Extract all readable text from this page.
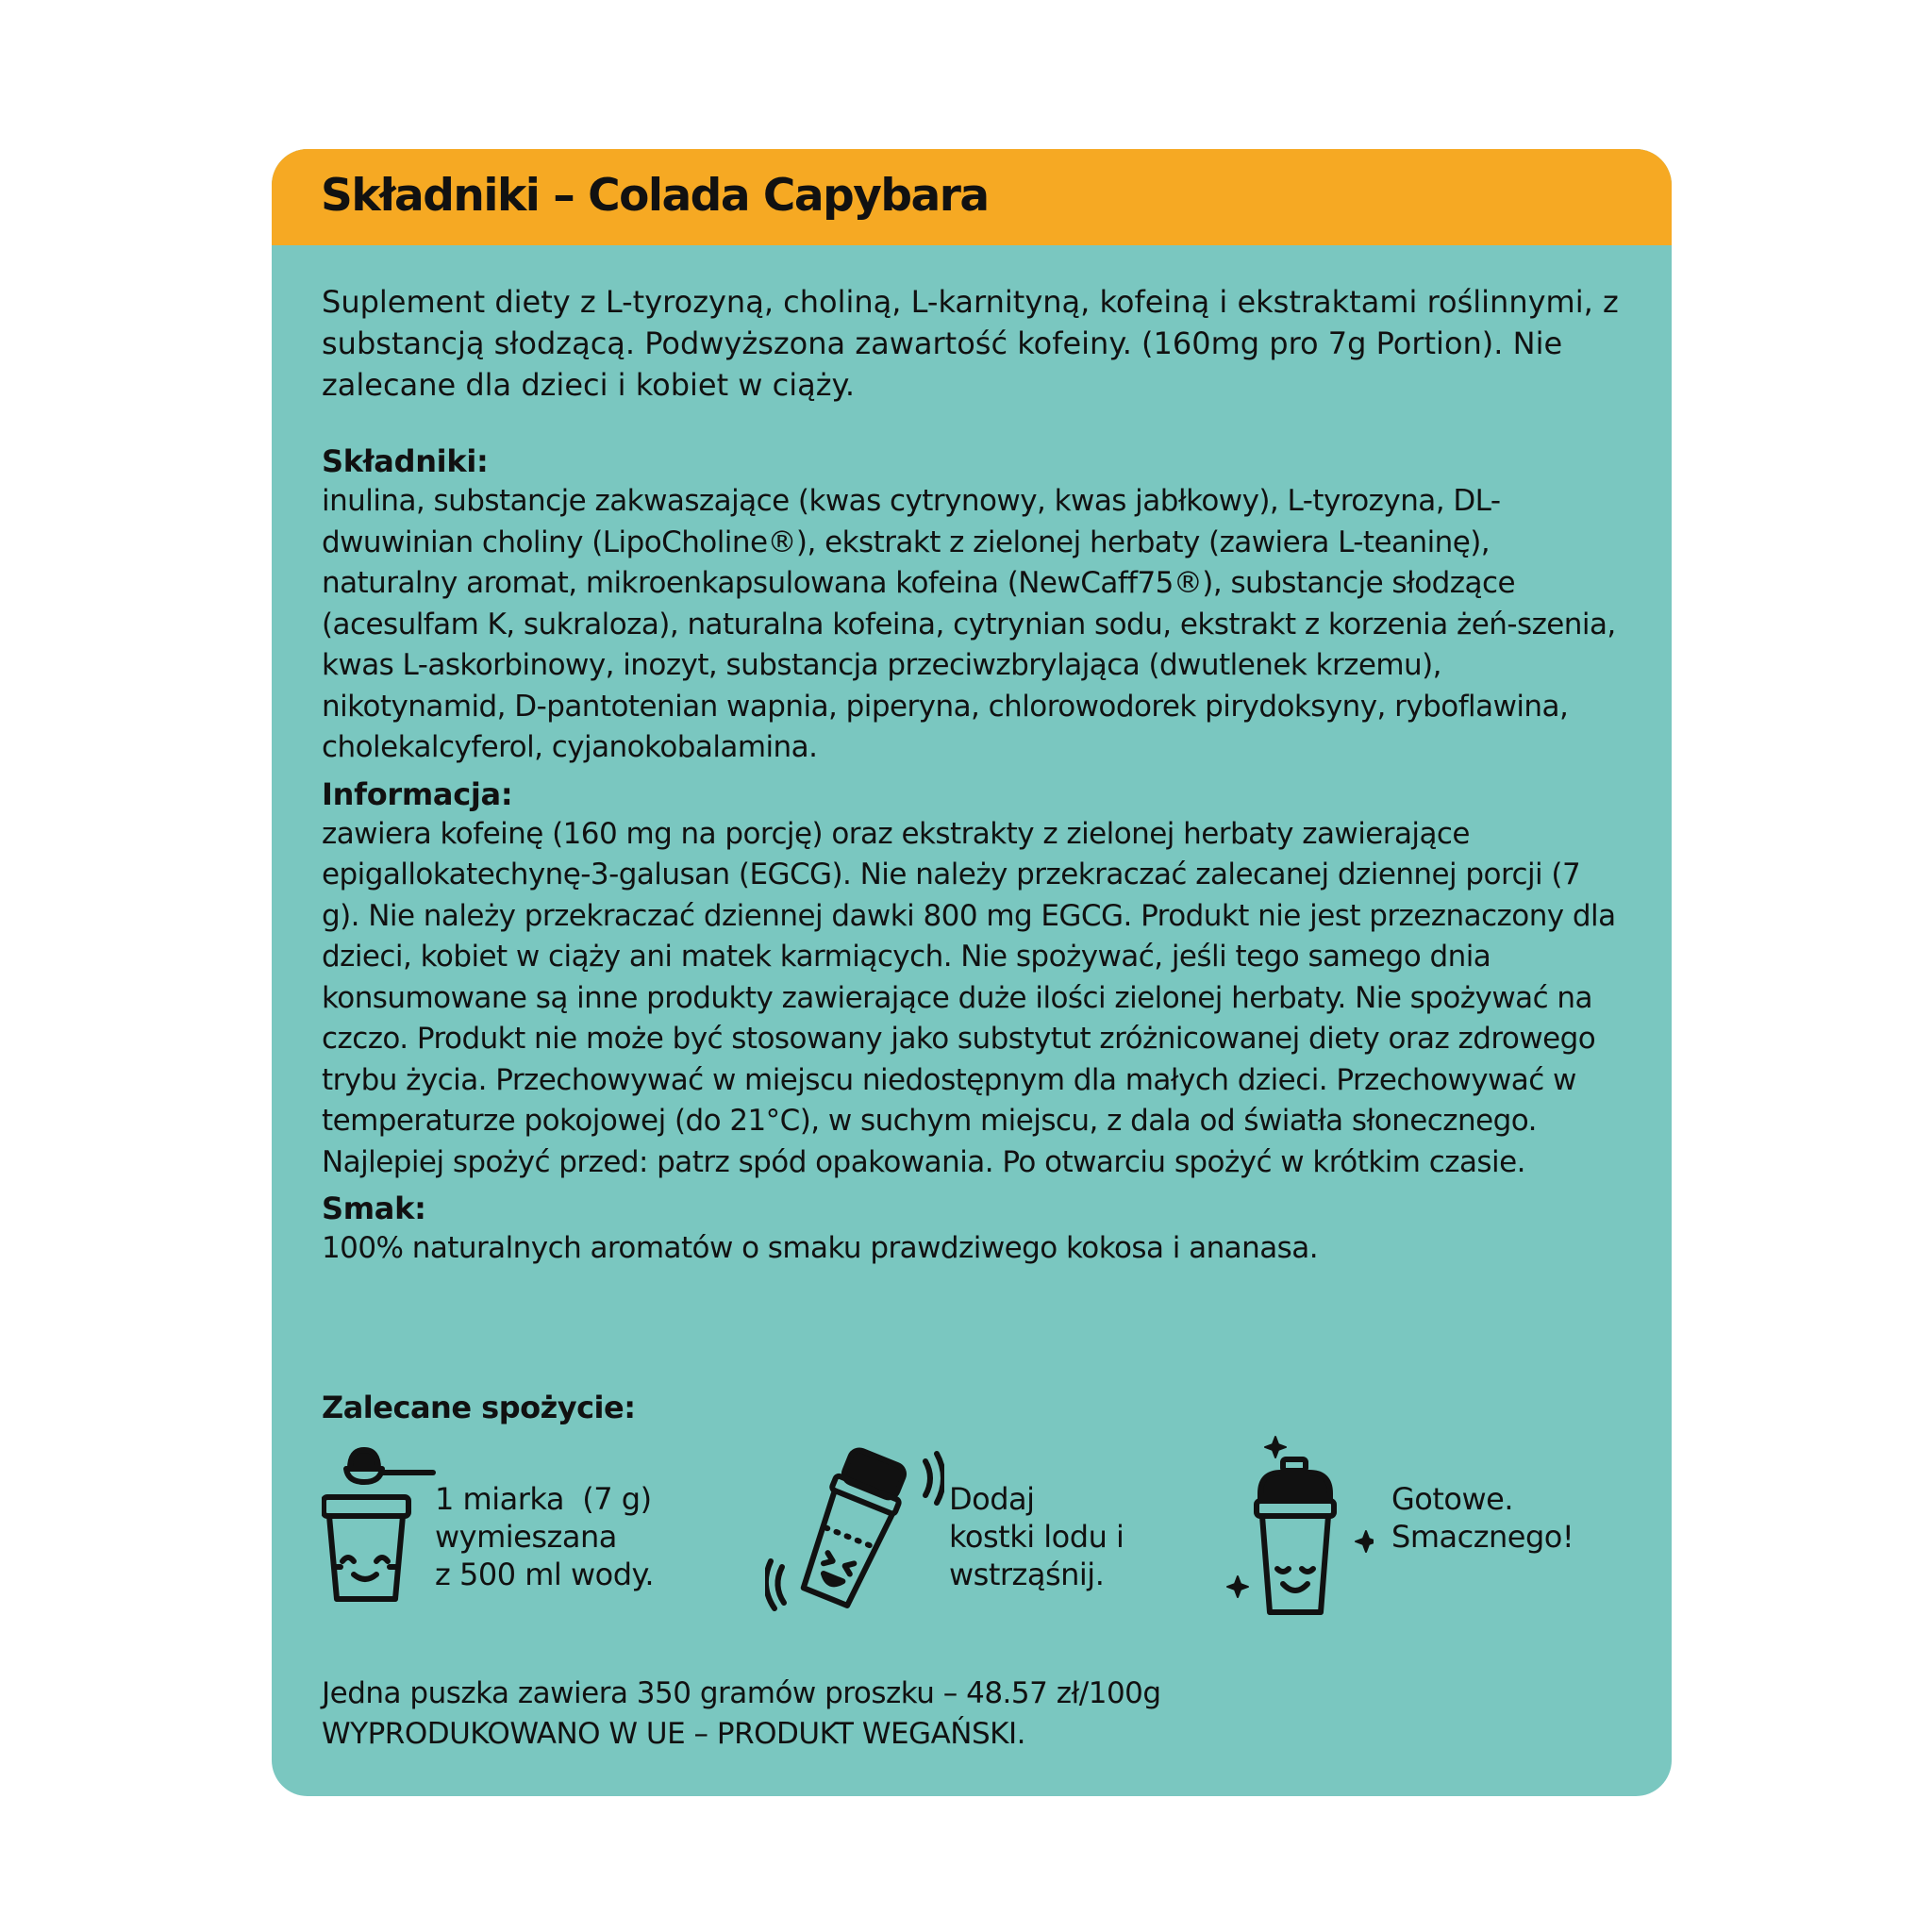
Składniki – Colada Capybara

Suplement diety z L-tyrozyną, choliną, L-karnityną, kofeiną i ekstraktami roślinnymi, z substancją słodzącą. Podwyższona zawartość kofeiny. (160mg pro 7g Portion). Nie zalecane dla dzieci i kobiet w ciąży.

Składniki:

inulina, substancje zakwaszające (kwas cytrynowy, kwas jabłkowy), L-tyrozyna, DL-dwuwinian choliny (LipoCholine®), ekstrakt z zielonej herbaty (zawiera L-teaninę), naturalny aromat, mikroenkapsulowana kofeina (NewCaff75®), substancje słodzące (acesulfam K, sukraloza), naturalna kofeina, cytrynian sodu, ekstrakt z korzenia żeń-szenia, kwas L-askorbinowy, inozyt, substancja przeciwzbrylająca (dwutlenek krzemu), nikotynamid, D-pantotenian wapnia, piperyna, chlorowodorek pirydoksyny, ryboflawina, cholekalcyferol, cyjanokobalamina.

Informacja:

zawiera kofeinę (160 mg na porcję) oraz ekstrakty z zielonej herbaty zawierające epigallokatechynę-3-galusan (EGCG). Nie należy przekraczać zalecanej dziennej porcji (7 g). Nie należy przekraczać dziennej dawki 800 mg EGCG. Produkt nie jest przeznaczony dla dzieci, kobiet w ciąży ani matek karmiących. Nie spożywać, jeśli tego samego dnia konsumowane są inne produkty zawierające duże ilości zielonej herbaty. Nie spożywać na czczo. Produkt nie może być stosowany jako substytut zróżnicowanej diety oraz zdrowego trybu życia. Przechowywać w miejscu niedostępnym dla małych dzieci. Przechowywać w temperaturze pokojowej (do 21°C), w suchym miejscu, z dala od światła słonecznego. Najlepiej spożyć przed: patrz spód opakowania. Po otwarciu spożyć w krótkim czasie.

Smak:

100% naturalnych aromatów o smaku prawdziwego kokosa i ananasa.

Zalecane spożycie:
1 miarka  (7 g)
wymieszana
z 500 ml wody.
Dodaj
kostki lodu i
wstrząśnij.
Gotowe.
Smacznego!

Jedna puszka zawiera 350 gramów proszku – 48.57 zł/100g

WYPRODUKOWANO W UE – PRODUKT WEGAŃSKI.
